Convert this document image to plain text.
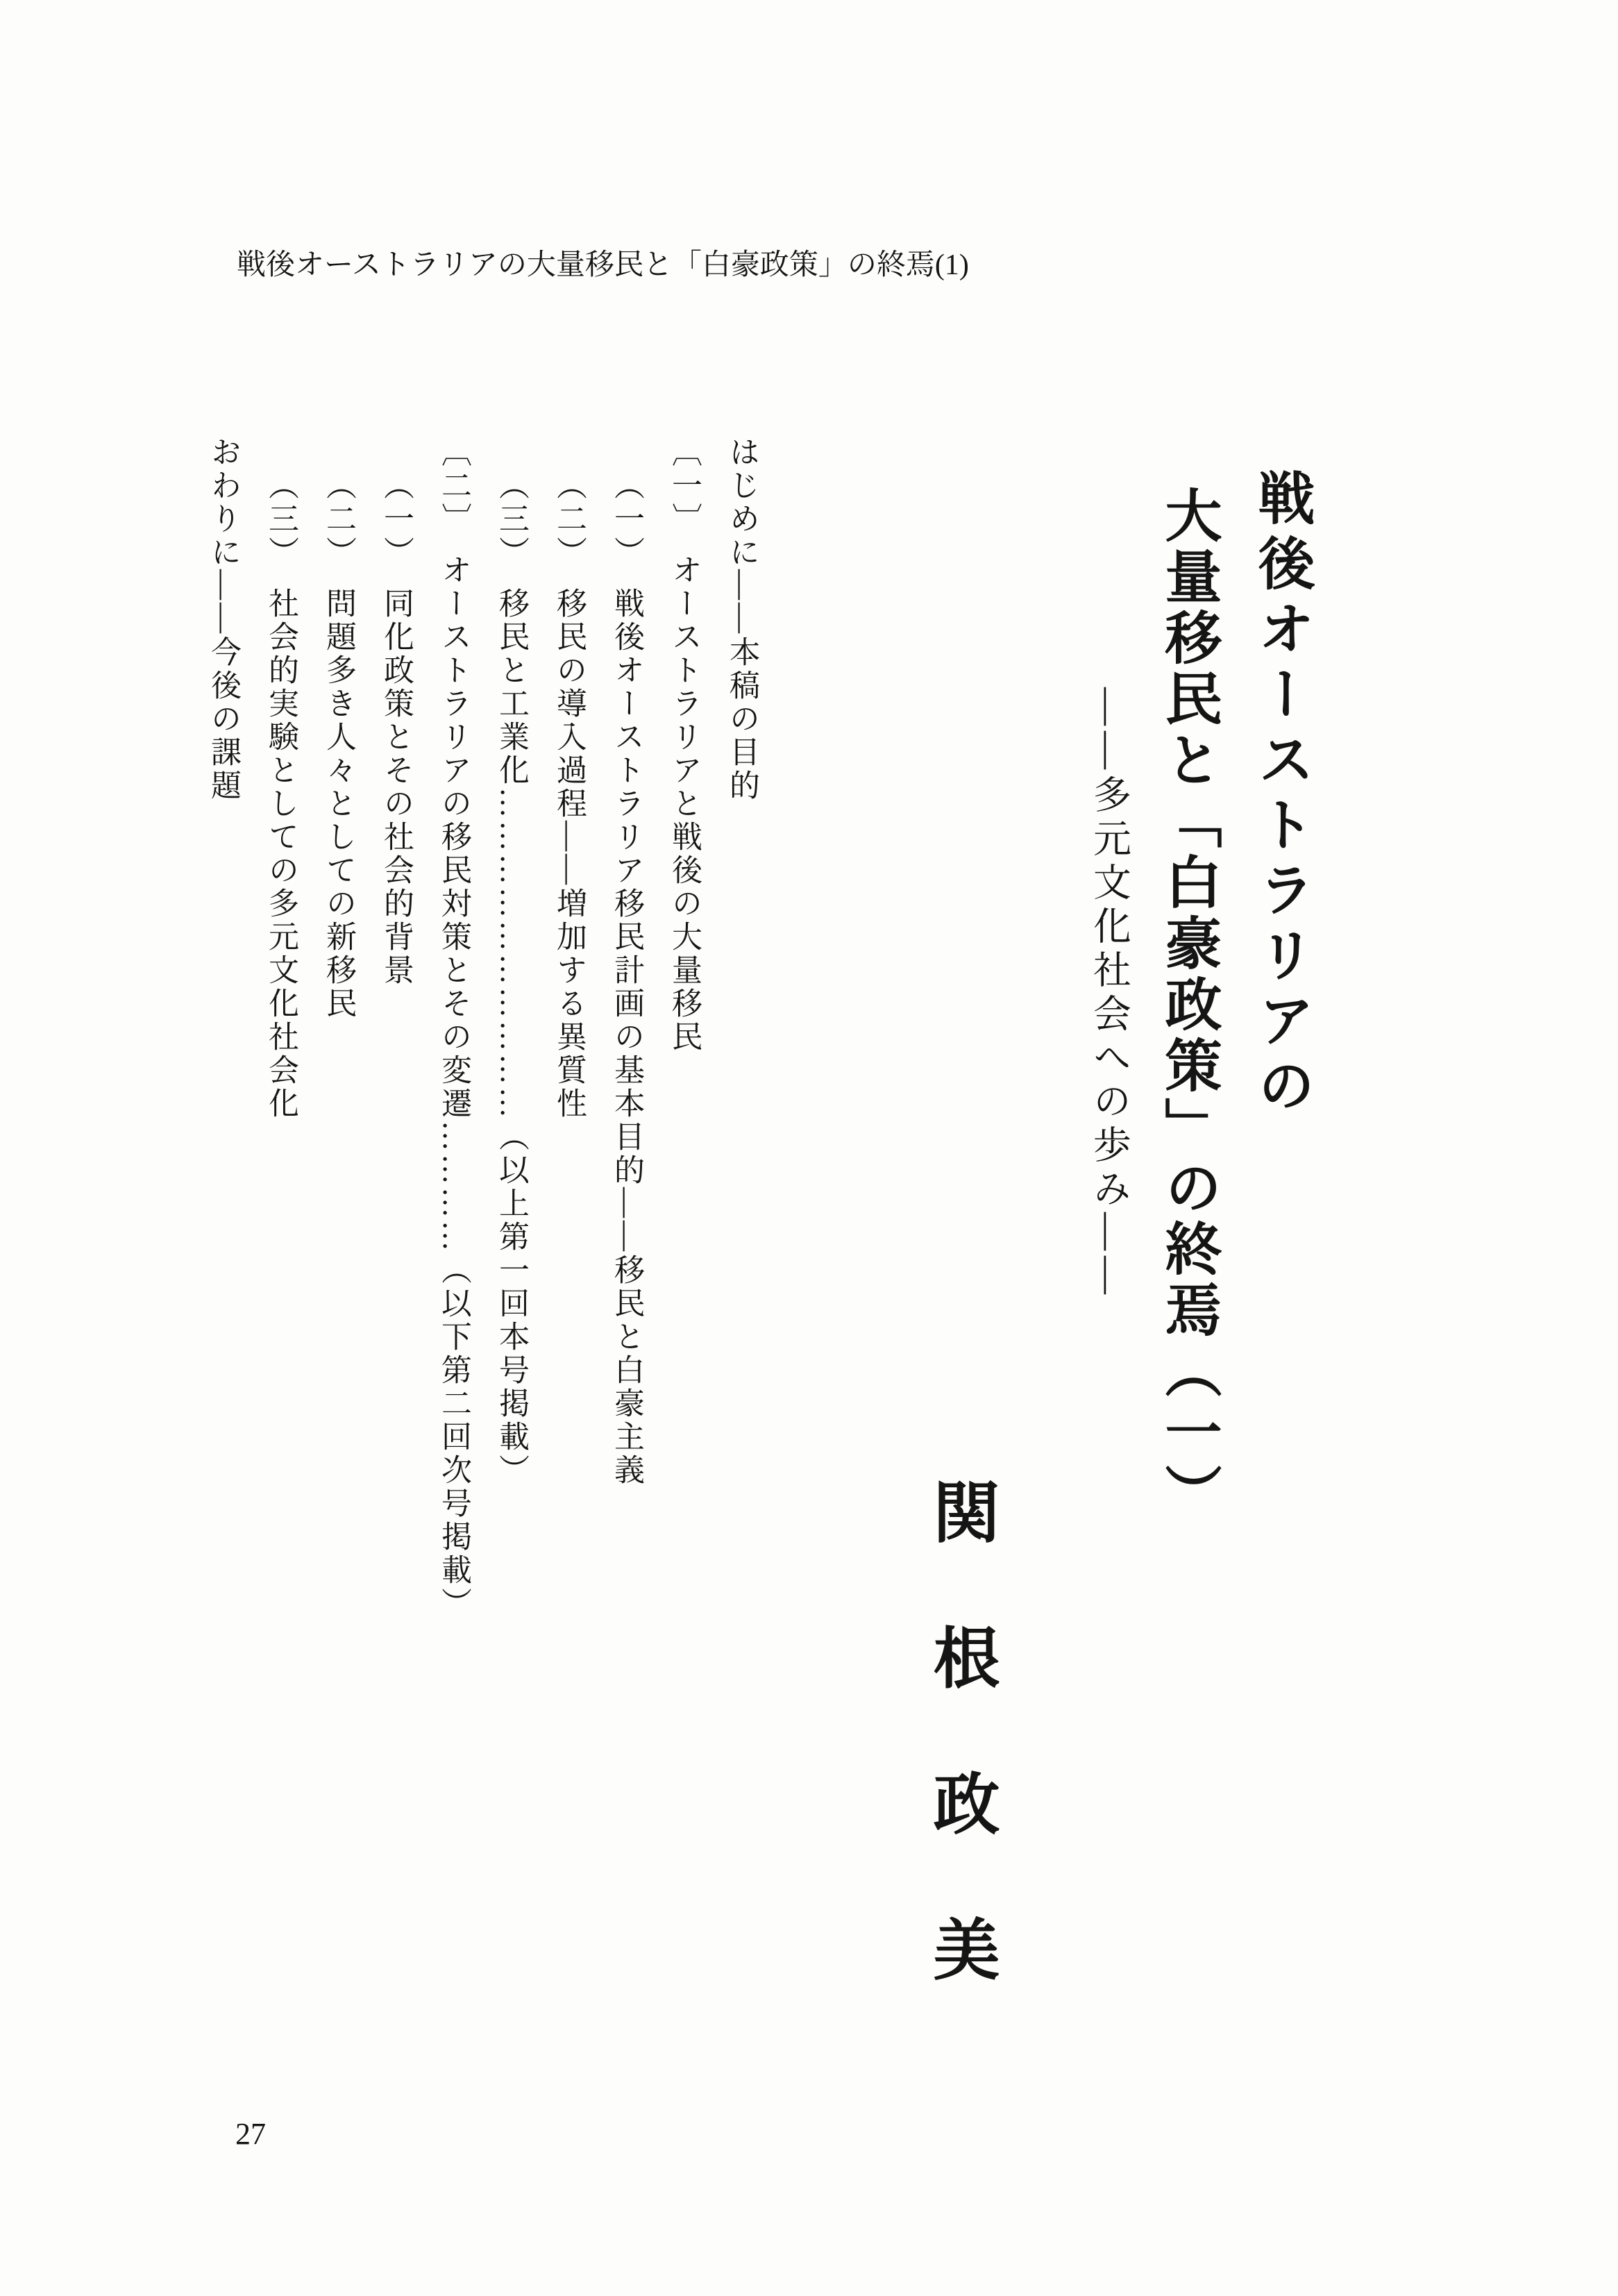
戦後オーストラリアの大量移民と「白豪政策」の終焉(1)
戦後オーストラリアの
大量移民と「白豪政策」の終焉（一）
――多元文化社会への歩み――
関根政美
はじめに――本稿の目的
〔一〕　オーストラリアと戦後の大量移民
（一）　戦後オーストラリア移民計画の基本目的――移民と白豪主義
（二）　移民の導入過程――増加する異質性
（三）　移民と工業化…………………………（以上第一回本号掲載）
〔二〕　オーストラリアの移民対策とその変遷…………（以下第二回次号掲載）
（一）　同化政策とその社会的背景
（二）　問題多き人々としての新移民
（三）　社会的実験としての多元文化社会化
おわりに――今後の課題
27
